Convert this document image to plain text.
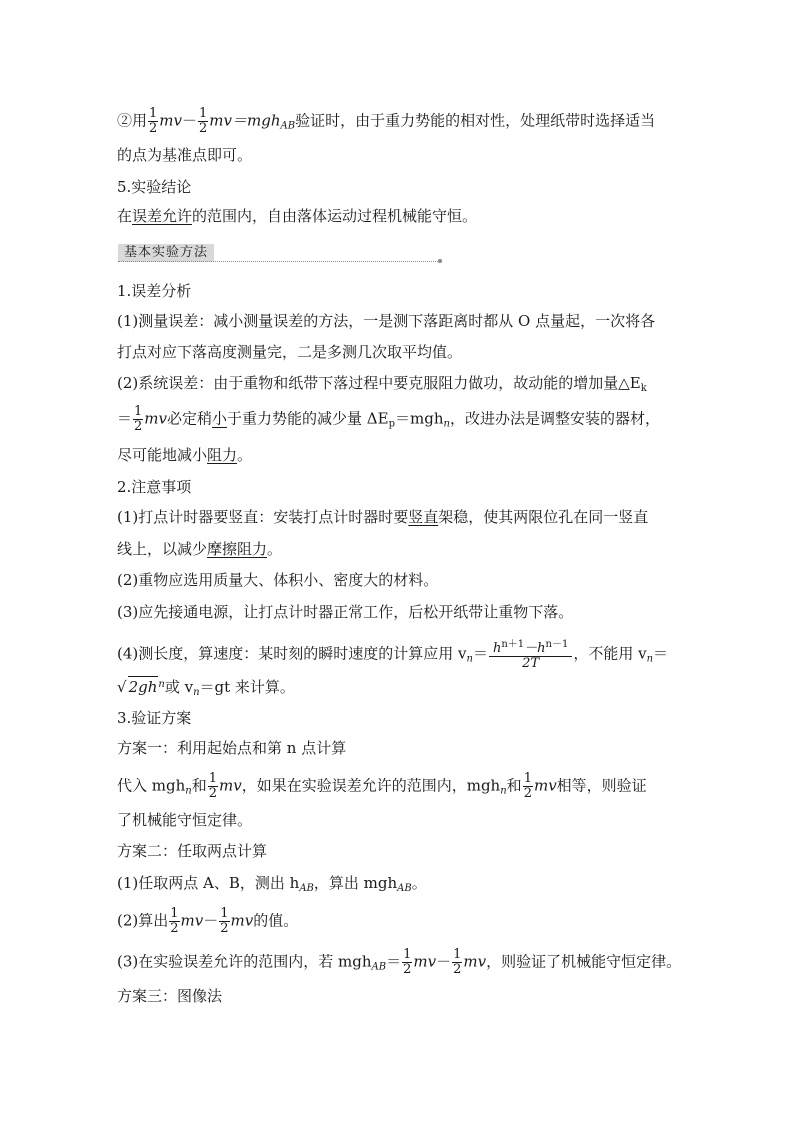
②用 $\frac{1}{2} mv- \frac{1}{2} mv=mgh_{AB}$验证时，由于重力势能的相对性，处理纸带时选择适当
的点为基准点即可。
5.实验结论
在误差允许的范围内，自由落体运动过程机械能守恒。
基本实验方法
1.误差分析
(1)测量误差：减小测量误差的方法，一是测下落距离时都从 O 点量起，一次将各
打点对应下落高度测量完，二是多测几次取平均值。
(2)系统误差：由于重物和纸带下落过程中要克服阻力做功，故动能的增加量$\triangle E_k$
＝ $\frac{1}{2}$ mv必定稍小于重力势能的减少量 $\Delta E_p=mgh_n$，改进办法是调整安装的器材，
尽可能地减小阻力。
2.注意事项
(1)打点计时器要竖直：安装打点计时器时要竖直架稳，使其两限位孔在同一竖直
线上，以减少摩擦阻力。
(2)重物应选用质量大、体积小、密度大的材料。
(3)应先接通电源，让打点计时器正常工作，后松开纸带让重物下落。
(4)测长度，算速度：某时刻的瞬时速度的计算应用 $v_n= \frac{h^{n+1}-h^{n-1}}{2T}$ ，不能用 $v_n=$
√ $2gh^n$或 $v_n=gt$ 来计算。
3.验证方案
方案一：利用起始点和第 n 点计算
代入 mgh$_n$和 $\frac{1}{2}$ mv，如果在实验误差允许的范围内，mgh$_n$和 $\frac{1}{2}$ mv相等，则验证
了机械能守恒定律。
方案二：任取两点计算
(1)任取两点 A、B，测出 $h_{AB}$，算出 mgh$_{AB}$。
(2)算出 $\frac{1}{2} mv- \frac{1}{2}$ mv的值。
(3)在实验误差允许的范围内，若 $mgh_{AB}= \frac{1}{2} mv- \frac{1}{2}$ mv，则验证了机械能守恒定律。
方案三：图像法
